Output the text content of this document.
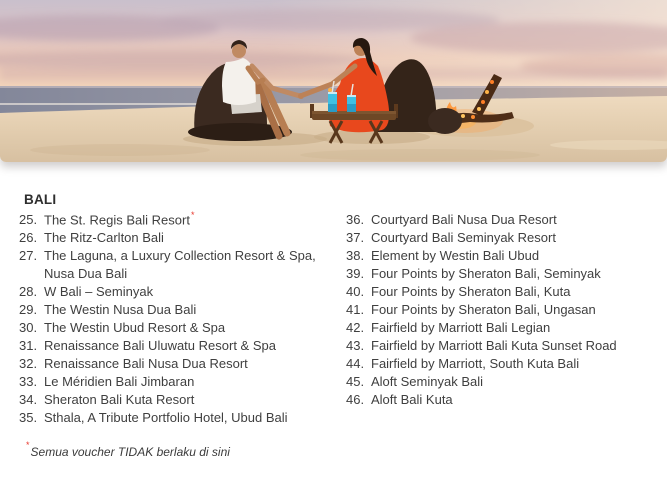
BALI
25. The St. Regis Bali Resort*
26. The Ritz-Carlton Bali
27. The Laguna, a Luxury Collection Resort & Spa, Nusa Dua Bali
28. W Bali – Seminyak
29. The Westin Nusa Dua Bali
30. The Westin Ubud Resort & Spa
31. Renaissance Bali Uluwatu Resort & Spa
32. Renaissance Bali Nusa Dua Resort
33. Le Méridien Bali Jimbaran
34. Sheraton Bali Kuta Resort
35. Sthala, A Tribute Portfolio Hotel, Ubud Bali
36. Courtyard Bali Nusa Dua Resort
37. Courtyard Bali Seminyak Resort
38. Element by Westin Bali Ubud
39. Four Points by Sheraton Bali, Seminyak
40. Four Points by Sheraton Bali, Kuta
41. Four Points by Sheraton Bali, Ungasan
42. Fairfield by Marriott Bali Legian
43. Fairfield by Marriott Bali Kuta Sunset Road
44. Fairfield by Marriott, South Kuta Bali
45. Aloft Seminyak Bali
46. Aloft Bali Kuta

*Semua voucher TIDAK berlaku di sini
